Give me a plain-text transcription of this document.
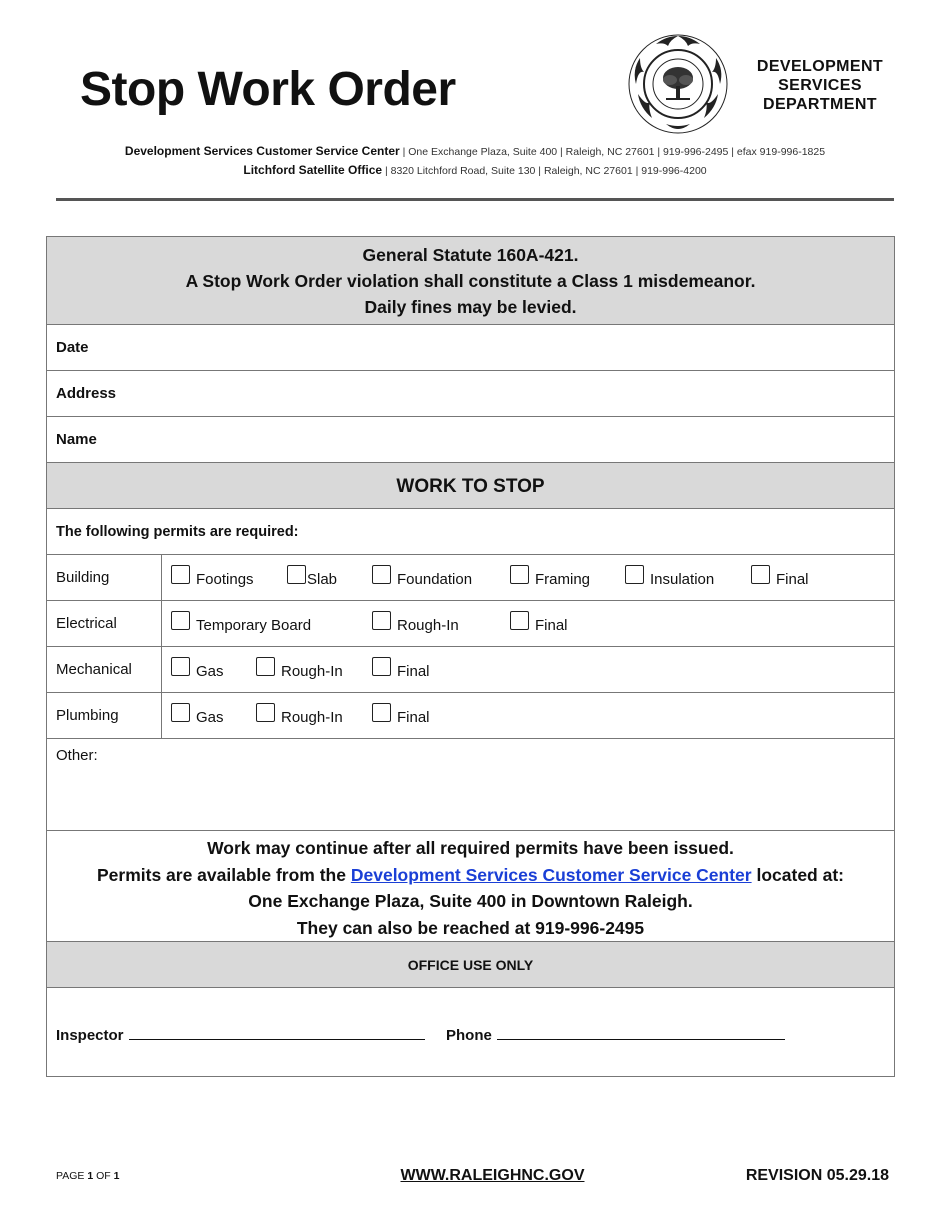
Stop Work Order	DEVELOPMENT
SERVICES
DEPARTMENT
Development Services Customer Service Center | One Exchange Plaza, Suite 400 | Raleigh, NC 27601 | 919-996-2495 | efax 919-996-1825
Litchford Satellite Office | 8320 Litchford Road, Suite 130 | Raleigh, NC 27601 | 919-996-4200
General Statute 160A-421.
A Stop Work Order violation shall constitute a Class 1 misdemeanor.
Daily fines may be levied.
Date
Address
Name
WORK TO STOP
The following permits are required:
Building	Footings	Slab	Foundation	Framing	Insulation	Final
Electrical	Temporary Board	Rough-In	Final
Mechanical	Gas	Rough-In	Final
Plumbing	Gas	Rough-In	Final
Other:
Work may continue after all required permits have been issued.
Permits are available from the Development Services Customer Service Center located at:
One Exchange Plaza, Suite 400 in Downtown Raleigh.
They can also be reached at 919-996-2495
OFFICE USE ONLY
Inspector	Phone
PAGE 1 OF 1	WWW.RALEIGHNC.GOV	REVISION 05.29.18
